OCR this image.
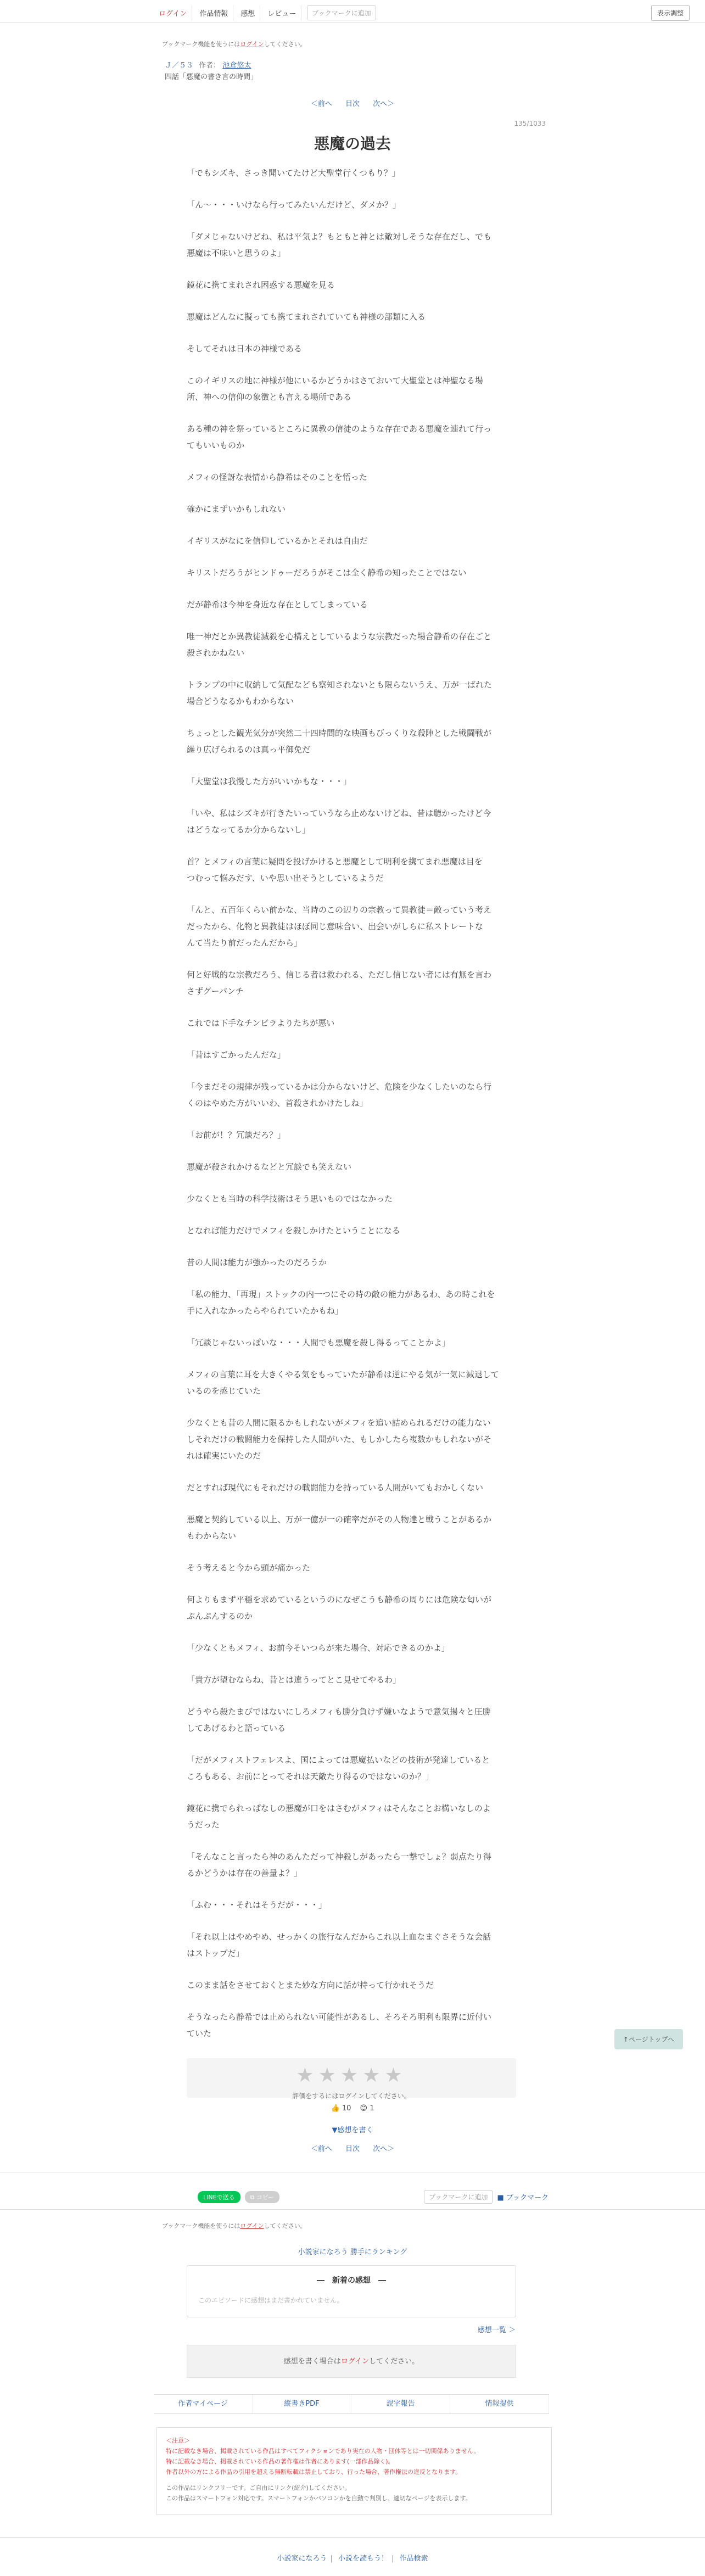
ログイン	作品情報	感想	レビュー	ブックマークに追加	表示調整
ブックマーク機能を使うにはログインしてください。
Ｊ／５３ 作者： 池倉悠太
四話「悪魔の書き言の時間」
＜前へ 目次 次へ＞
135/1033
悪魔の過去

「でもシズキ、さっき聞いてたけど大聖堂行くつもり？」

「ん～・・・いけなら行ってみたいんだけど、ダメか？」

「ダメじゃないけどね、私は平気よ？もともと神とは敵対しそうな存在だし、でも
悪魔は不味いと思うのよ」

鏡花に携てまれされ困惑する悪魔を見る

悪魔はどんなに擬っても携てまれされていても神様の部類に入る

そしてそれは日本の神様である

このイギリスの地に神様が他にいるかどうかはさておいて大聖堂とは神聖なる場
所、神への信仰の象徴とも言える場所である

ある種の神を祭っているところに異教の信徒のような存在である悪魔を連れて行っ
てもいいものか

メフィの怪訝な表情から静希はそのことを悟った

確かにまずいかもしれない

イギリスがなにを信仰しているかとそれは自由だ

キリストだろうがヒンドゥーだろうがそこは全く静希の知ったことではない

だが静希は今神を身近な存在としてしまっている

唯一神だとか異教徒滅殺を心構えとしているような宗教だった場合静希の存在ごと
殺されかねない

トランプの中に収納して気配なども察知されないとも限らないうえ、万が一ばれた
場合どうなるかもわからない

ちょっとした観光気分が突然二十四時間的な映画もびっくりな殺陣とした戦闘戦が
繰り広げられるのは真っ平御免だ

「大聖堂は我慢した方がいいかもな・・・」

「いや、私はシズキが行きたいっていうなら止めないけどね、昔は聴かったけど今
はどうなってるか分からないし」

首？とメフィの言葉に疑問を投げかけると悪魔として明利を携てまれ悪魔は目を
つむって悩みだす、いや思い出そうとしているようだ

「んと、五百年くらい前かな、当時のこの辺りの宗教って異教徒＝敵っていう考え
だったから、化物と異教徒はほぼ同じ意味合い、出会いがしらに私ストレートな
んて当たり前だったんだから」

何と好戦的な宗教だろう、信じる者は救われる、ただし信じない者には有無を言わ
さずグーパンチ

これでは下手なチンピラよりたちが悪い

「昔はすごかったんだな」

「今まだその規律が残っているかは分からないけど、危険を少なくしたいのなら行
くのはやめた方がいいわ、首殺されかけたしね」

「お前が！？冗談だろ？」

悪魔が殺されかけるなどと冗談でも笑えない

少なくとも当時の科学技術はそう思いものではなかった

となれば能力だけでメフィを殺しかけたということになる

昔の人間は能力が強かったのだろうか

「私の能力、「再現」ストックの内一つにその時の敵の能力があるわ、あの時これを
手に入れなかったらやられていたかもね」

「冗談じゃないっぽいな・・・人間でも悪魔を殺し得るってことかよ」

メフィの言葉に耳を大きくやる気をもっていたが静希は逆にやる気が一気に減退して
いるのを感じていた

少なくとも昔の人間に限るかもしれないがメフィを追い詰められるだけの能力ない
しそれだけの戦闘能力を保持した人間がいた、もしかしたら複数かもしれないがそ
れは確実にいたのだ

だとすれば現代にもそれだけの戦闘能力を持っている人間がいてもおかしくない

悪魔と契約している以上、万が一億が一の確率だがその人物達と戦うことがあるか
もわからない

そう考えると今から頭が痛かった

何よりもまず平穏を求めているというのになぜこうも静希の周りには危険な匂いが
ぷんぷんするのか

「少なくともメフィ、お前今そいつらが来た場合、対応できるのかよ」

「貴方が望むならね、昔とは違うってとこ見せてやるわ」

どうやら殺たまびではないにしろメフィも勝分負けず嫌いなようで意気揚々と圧勝
してあげるわと語っている

「だがメフィストフェレスよ、国によっては悪魔払いなどの技術が発達していると
ころもある、お前にとってそれは天敵たり得るのではないのか？」

鏡花に携でられっぱなしの悪魔が口をはさむがメフィはそんなことお構いなしのよ
うだった

「そんなこと言ったら神のあんただって神殺しがあったら一撃でしょ？弱点たり得
るかどうかは存在の善量よ？」

「ふむ・・・それはそうだが・・・」

「それ以上はやめやめ、せっかくの旅行なんだからこれ以上血なまぐさそうな会話
はストップだ」

このまま話をさせておくとまた妙な方向に話が持って行かれそうだ

そうなったら静希では止められない可能性があるし、そろそろ明利も限界に近付い
ていた

↑ページトップへ
★★★★★
評価をするにはログインしてください。
👍 10 😊 1
▼感想を書く
＜前へ 目次 次へ＞
LINEで送る	⧉ コピー	ブックマークに追加	■ ブックマーク
ブックマーク機能を使うにはログインしてください。
小説家になろう 勝手にランキング
―　新着の感想　―
このエピソードに感想はまだ書かれていません。
感想一覧 ＞
感想を書く場合はログインしてください。
作者マイページ	縦書きPDF	誤字報告	情報提供
＜注意＞
特に記載なき場合、掲載されている作品はすべてフィクションであり実在の人物・団体等とは一切関係ありません。
特に記載なき場合、掲載されている作品の著作権は作者にあります(一部作品除く)。
作者以外の方による作品の引用を超える無断転載は禁止しており、行った場合、著作権法の違反となります。
この作品はリンクフリーです。ご自由にリンク(紹介)してください。
この作品はスマートフォン対応です。スマートフォンかパソコンかを自動で判別し、適切なページを表示します。
小説家になろう | 小説を読もう！ | 作品検索
